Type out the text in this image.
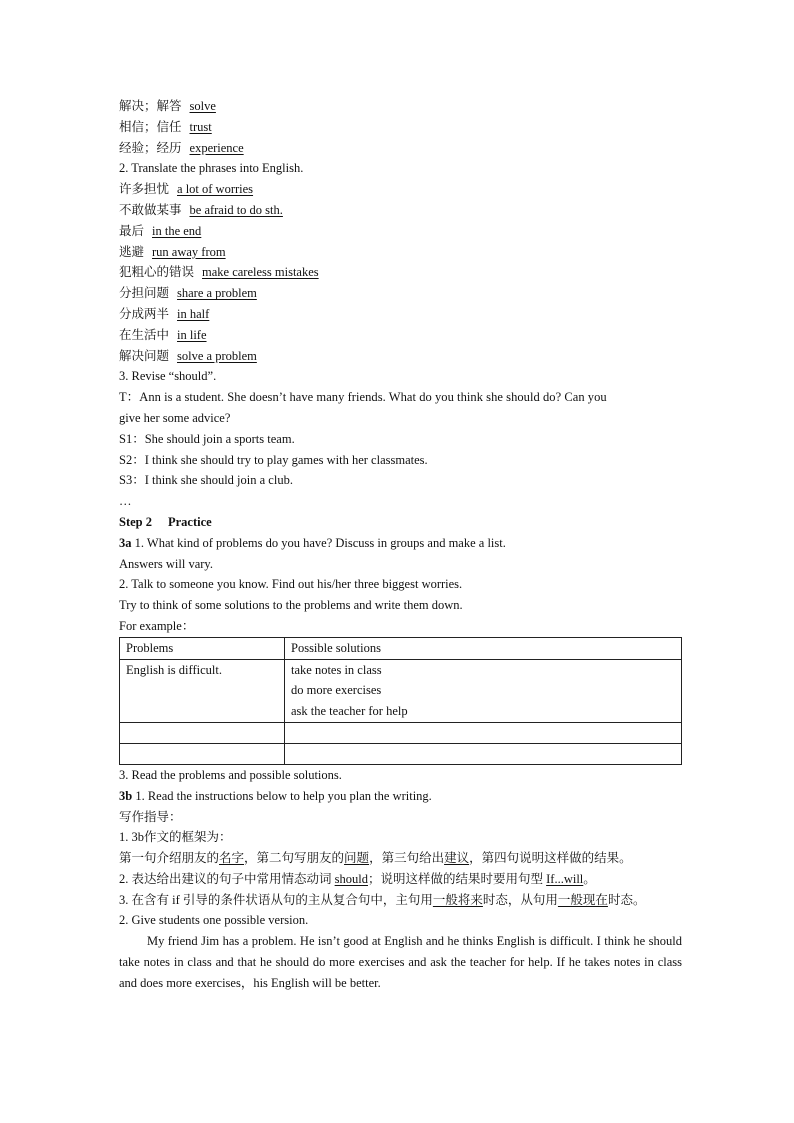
解决；解答 solve
相信；信任 trust
经验；经历 experience
2. Translate the phrases into English.
许多担忧 a lot of worries
不敢做某事 be afraid to do sth.
最后 in the end
逃避 run away from
犯粗心的错误 make careless mistakes
分担问题 share a problem
分成两半 in half
在生活中 in life
解决问题 solve a problem
3. Revise “should”.
T：Ann is a student. She doesn’t have many friends. What do you think she should do? Can you
give her some advice?
S1：She should join a sports team.
S2：I think she should try to play games with her classmates.
S3：I think she should join a club.
…
Step 2 Practice
3a 1. What kind of problems do you have? Discuss in groups and make a list.
Answers will vary.
2. Talk to someone you know. Find out his/her three biggest worries.
Try to think of some solutions to the problems and write them down.
For example：
Problems	Possible solutions
English is difficult.	take notes in class
do more exercises
ask the teacher for help

3. Read the problems and possible solutions.
3b 1. Read the instructions below to help you plan the writing.
写作指导：
1. 3b作文的框架为：
第一句介绍朋友的名字，第二句写朋友的问题，第三句给出建议，第四句说明这样做的结果。
2. 表达给出建议的句子中常用情态动词 should；说明这样做的结果时要用句型 If...will。
3. 在含有 if 引导的条件状语从句的主从复合句中，主句用一般将来时态，从句用一般现在时态。
2. Give students one possible version.
My friend Jim has a problem. He isn’t good at English and he thinks English is difficult. I think he should take notes in class and that he should do more exercises and ask the teacher for help. If he takes notes in class and does more exercises，his English will be better.
